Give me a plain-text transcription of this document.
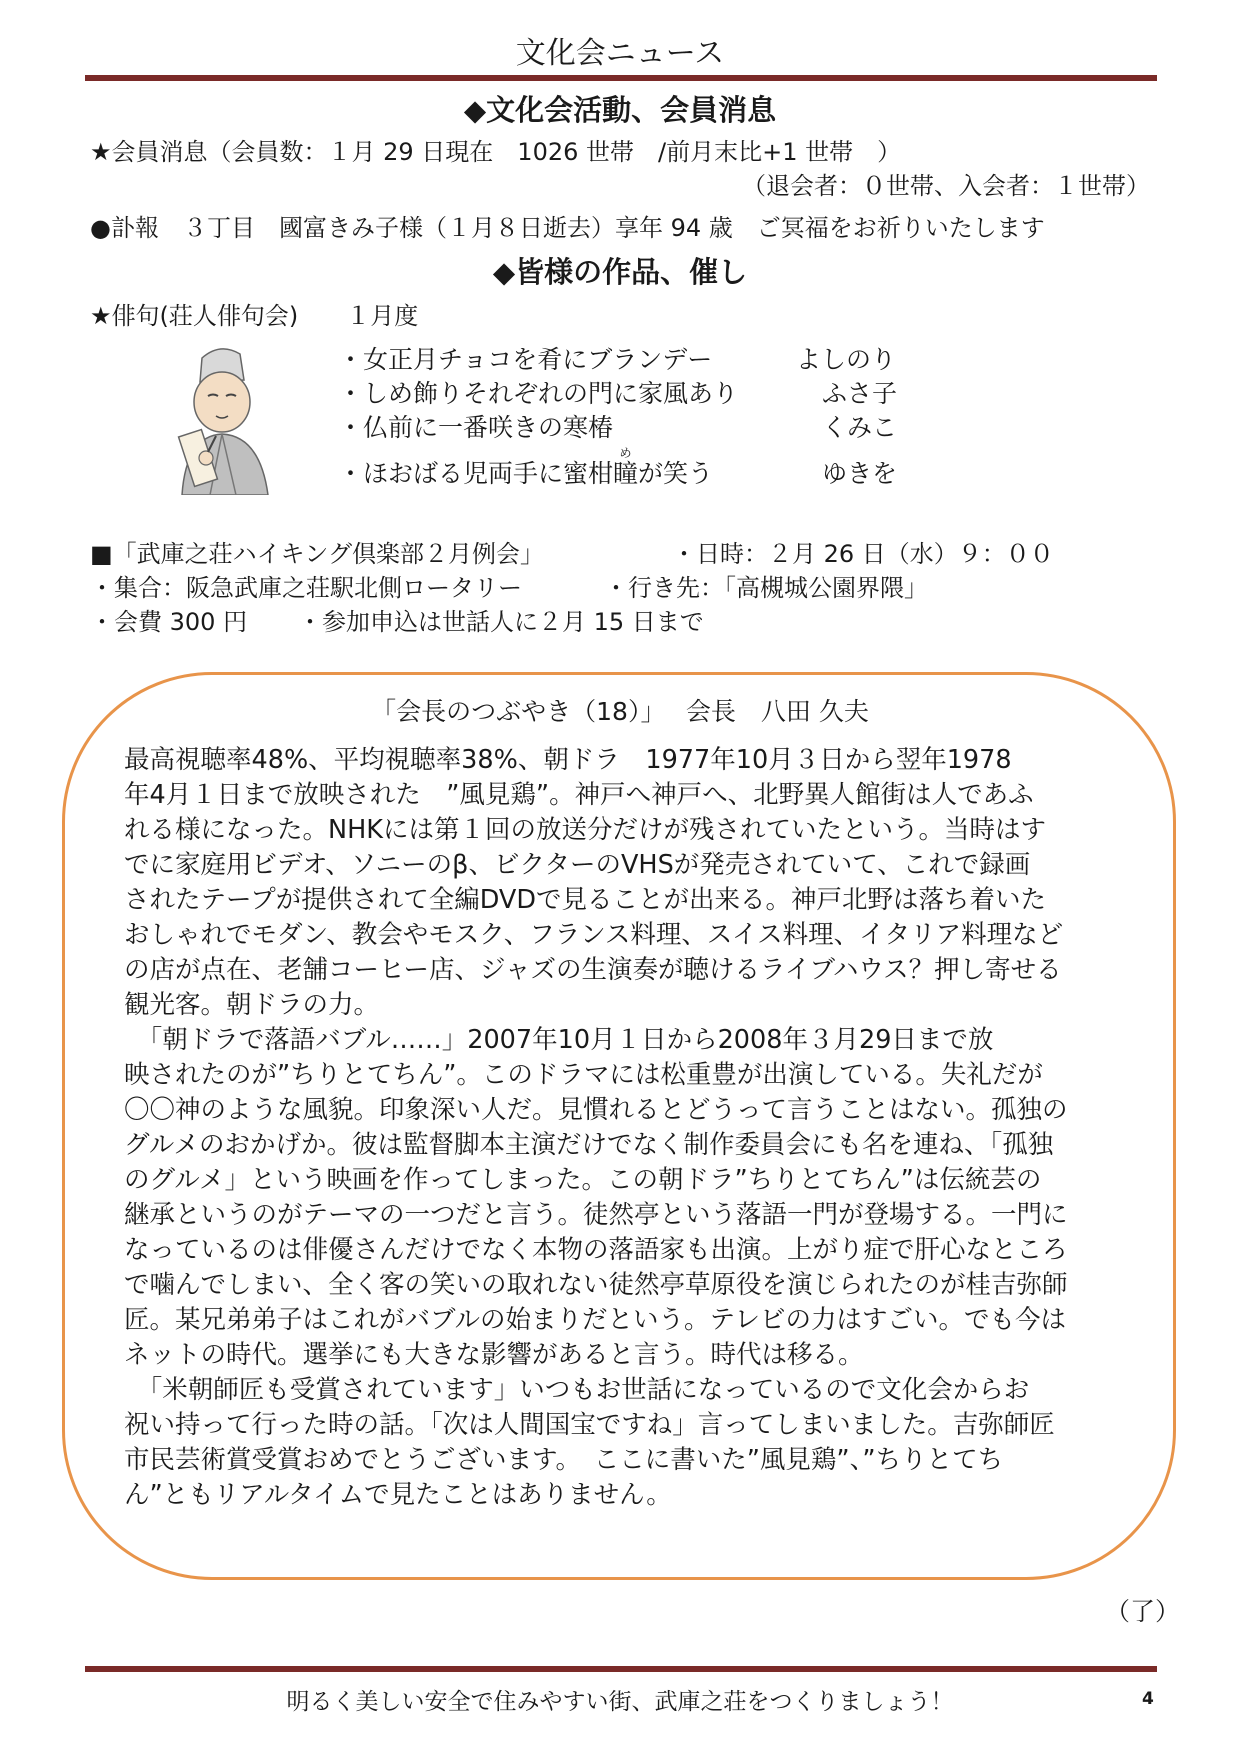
文化会ニュース
◆文化会活動、会員消息
★会員消息（会員数：１月 29 日現在　1026 世帯　/前月末比+1 世帯　）
（退会者：０世帯、入会者：１世帯）
●訃報　３丁目　國富きみ子様（１月８日逝去）享年 94 歳　ご冥福をお祈りいたします
◆皆様の作品、催し
★俳句(荘人俳句会)　　１月度
・女正月チョコを肴にブランデー	よしのり
・しめ飾りそれぞれの門に家風あり	ふさ子
・仏前に一番咲きの寒椿	くみこ
・ほおばる児両手に蜜柑
め
瞳が笑う	ゆきを
■「武庫之荘ハイキング倶楽部２月例会」	・日時：２月 26 日（水）９：００
・集合：阪急武庫之荘駅北側ロータリー	・行き先：「高槻城公園界隈」
・会費 300 円 ・参加申込は世話人に２月 15 日まで
「会長のつぶやき（18）」　 会長　八田 久夫
最高視聴率48%、平均視聴率38%、朝ドラ　1977年10月３日から翌年1978
年4月１日まで放映された　”風見鶏”。神戸へ神戸へ、北野異人館街は人であふ
れる様になった。NHKには第１回の放送分だけが残されていたという。当時はす
でに家庭用ビデオ、ソニーのβ、ビクターのVHSが発売されていて、これで録画
されたテープが提供されて全編DVDで見ることが出来る。神戸北野は落ち着いた
おしゃれでモダン、教会やモスク、フランス料理、スイス料理、イタリア料理など
の店が点在、老舗コーヒー店、ジャズの生演奏が聴けるライブハウス？押し寄せる
観光客。朝ドラの力。
　「朝ドラで落語バブル……」2007年10月１日から2008年３月29日まで放
映されたのが”ちりとてちん”。このドラマには松重豊が出演している。失礼だが
〇〇神のような風貌。印象深い人だ。見慣れるとどうって言うことはない。孤独の
グルメのおかげか。彼は監督脚本主演だけでなく制作委員会にも名を連ね、「孤独
のグルメ」という映画を作ってしまった。この朝ドラ”ちりとてちん”は伝統芸の
継承というのがテーマの一つだと言う。徒然亭という落語一門が登場する。一門に
なっているのは俳優さんだけでなく本物の落語家も出演。上がり症で肝心なところ
で噛んでしまい、全く客の笑いの取れない徒然亭草原役を演じられたのが桂吉弥師
匠。某兄弟弟子はこれがバブルの始まりだという。テレビの力はすごい。でも今は
ネットの時代。選挙にも大きな影響があると言う。時代は移る。
　「米朝師匠も受賞されています」いつもお世話になっているので文化会からお
祝い持って行った時の話。「次は人間国宝ですね」言ってしまいました。吉弥師匠
市民芸術賞受賞おめでとうございます。　ここに書いた”風見鶏”、”ちりとてち
ん”ともリアルタイムで見たことはありません。
（了）
明るく美しい安全で住みやすい街、武庫之荘をつくりましょう！	4
